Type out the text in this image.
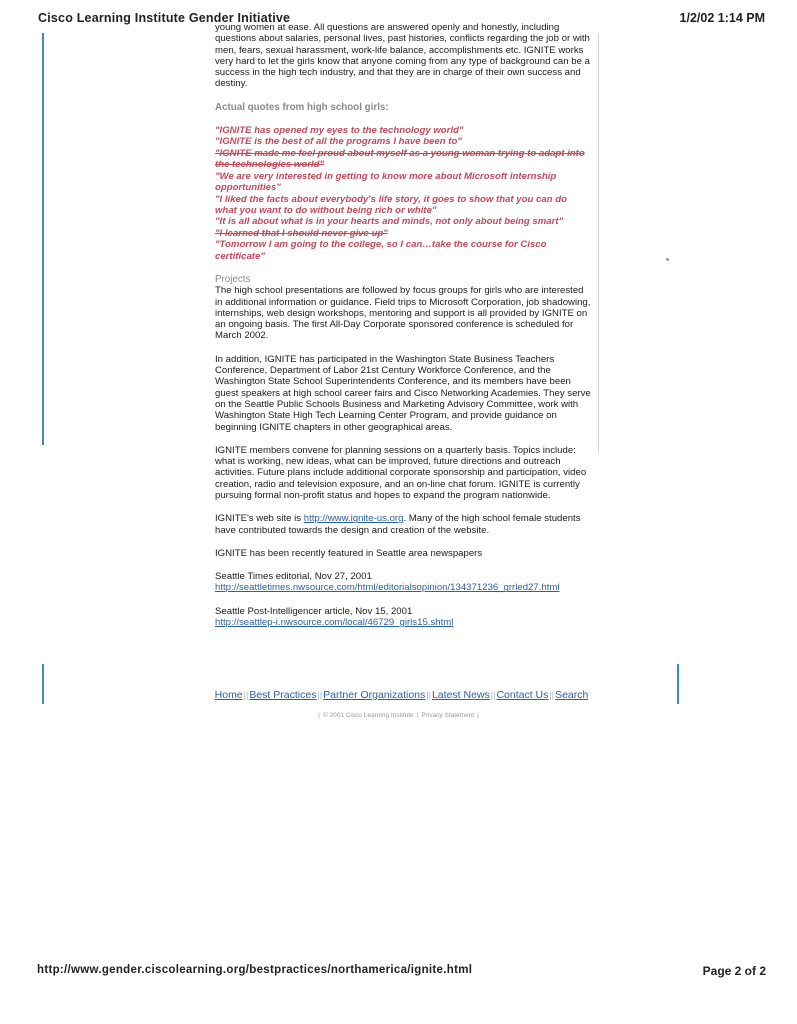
Cisco Learning Institute Gender Initiative	1/2/02 1:14 PM

young women at ease. All questions are answered openly and honestly, including questions about salaries, personal lives, past histories, conflicts regarding the job or with men, fears, sexual harassment, work-life balance, accomplishments etc. IGNITE works very hard to let the girls know that anyone coming from any type of background can be a success in the high tech industry, and that they are in charge of their own success and destiny.

Actual quotes from high school girls:

"IGNITE has opened my eyes to the technology world"
"IGNITE is the best of all the programs I have been to"
"IGNITE made me feel proud about myself as a young woman trying to adapt into the technologies world"
"We are very interested in getting to know more about Microsoft internship opportunities"
"I liked the facts about everybody's life story, it goes to show that you can do what you want to do without being rich or white"
"It is all about what is in your hearts and minds, not only about being smart"
"I learned that I should never give up"
"Tomorrow I am going to the college, so I can…take the course for Cisco certificate"

Projects

The high school presentations are followed by focus groups for girls who are interested in additional information or guidance. Field trips to Microsoft Corporation, job shadowing, internships, web design workshops, mentoring and support is all provided by IGNITE on an ongoing basis. The first All-Day Corporate sponsored conference is scheduled for March 2002.

In addition, IGNITE has participated in the Washington State Business Teachers Conference, Department of Labor 21st Century Workforce Conference, and the Washington State School Superintendents Conference, and its members have been guest speakers at high school career fairs and Cisco Networking Academies. They serve on the Seattle Public Schools Business and Marketing Advisory Committee, work with Washington State High Tech Learning Center Program, and provide guidance on beginning IGNITE chapters in other geographical areas.

IGNITE members convene for planning sessions on a quarterly basis. Topics include: what is working, new ideas, what can be improved, future directions and outreach activities. Future plans include additional corporate sponsorship and participation, video creation, radio and television exposure, and an on-line chat forum. IGNITE is currently pursuing formal non-profit status and hopes to expand the program nationwide.

IGNITE's web site is http://www.ignite-us.org. Many of the high school female students have contributed towards the design and creation of the website.

IGNITE has been recently featured in Seattle area newspapers

Seattle Times editorial, Nov 27, 2001
http://seattletimes.nwsource.com/html/editorialsopinion/134371236_grrled27.html
Seattle Post-Intelligencer article, Nov 15, 2001
http://seattlep-i.nwsource.com/local/46729_girls15.shtml
Home||Best Practices||Partner Organizations||Latest News||Contact Us||Search
| © 2001 Cisco Learning Institute | Privacy Statement |
http://www.gender.ciscolearning.org/bestpractices/northamerica/ignite.html	Page 2 of 2
